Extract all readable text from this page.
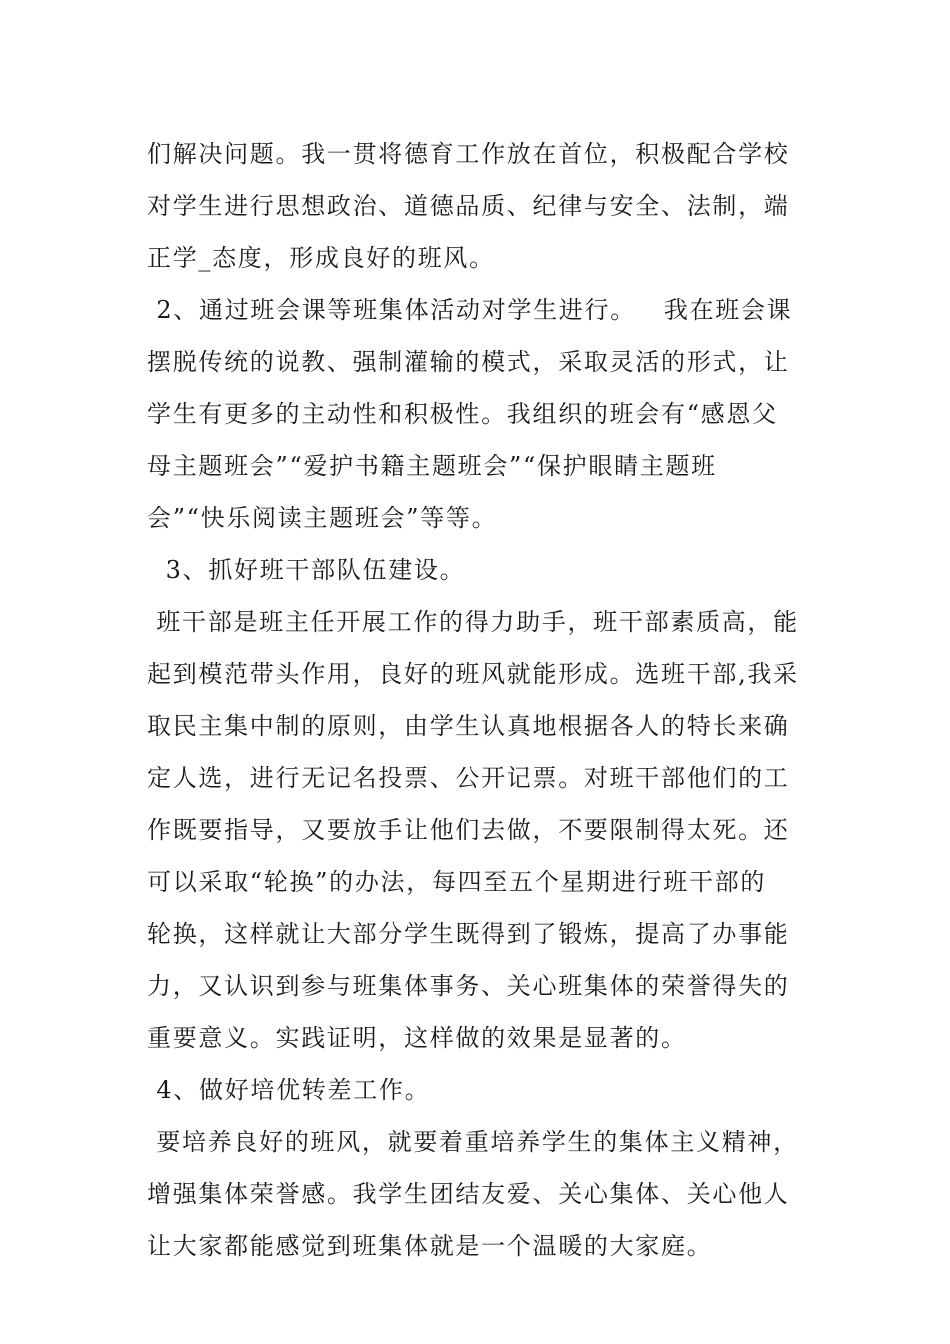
们解决问题。我一贯将德育工作放在首位，积极配合学校
对学生进行思想政治、道德品质、纪律与安全、法制，端
正学_态度，形成良好的班风。
2、通过班会课等班集体活动对学生进行。   我在班会课
摆脱传统的说教、强制灌输的模式，采取灵活的形式，让
学生有更多的主动性和积极性。我组织的班会有“感恩父
母主题班会”“爱护书籍主题班会”“保护眼睛主题班
会”“快乐阅读主题班会”等等。
3、抓好班干部队伍建设。
班干部是班主任开展工作的得力助手，班干部素质高，能
起到模范带头作用，良好的班风就能形成。选班干部,我采
取民主集中制的原则，由学生认真地根据各人的特长来确
定人选，进行无记名投票、公开记票。对班干部他们的工
作既要指导，又要放手让他们去做，不要限制得太死。还
可以采取“轮换”的办法，每四至五个星期进行班干部的
轮换，这样就让大部分学生既得到了锻炼，提高了办事能
力，又认识到参与班集体事务、关心班集体的荣誉得失的
重要意义。实践证明，这样做的效果是显著的。
4、做好培优转差工作。
要培养良好的班风，就要着重培养学生的集体主义精神，
增强集体荣誉感。我学生团结友爱、关心集体、关心他人
让大家都能感觉到班集体就是一个温暖的大家庭。
